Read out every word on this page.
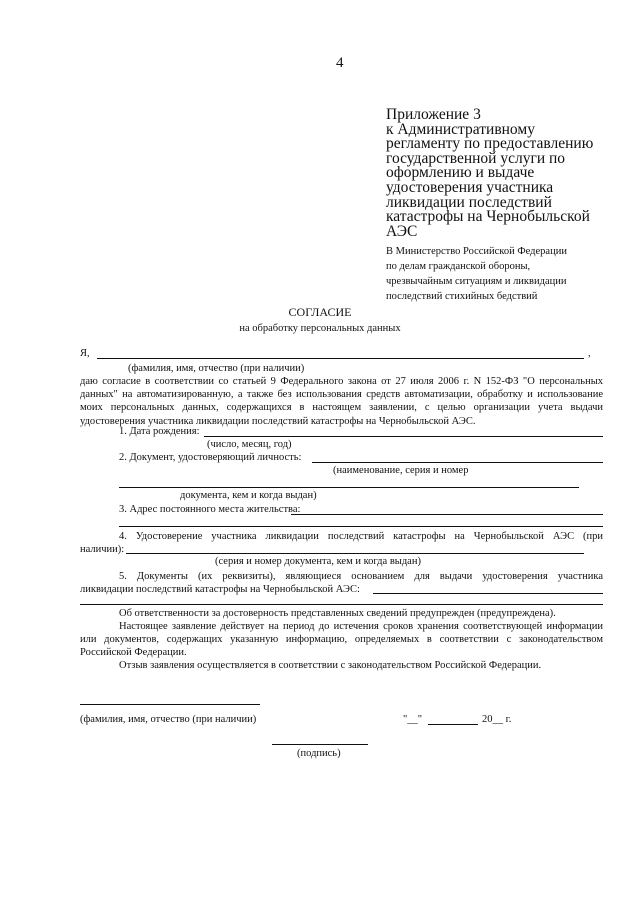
4
Приложение 3
к Административному
регламенту по предоставлению
государственной услуги по
оформлению и выдаче
удостоверения участника
ликвидации последствий
катастрофы на Чернобыльской
АЭС
В Министерство Российской Федерации
по делам гражданской обороны,
чрезвычайным ситуациям и ликвидации
последствий стихийных бедствий
СОГЛАСИЕ
на обработку персональных данных
Я,	,
(фамилия, имя, отчество (при наличии)
даю согласие в соответствии со статьей 9 Федерального закона от 27 июля 2006 г. N 152-ФЗ "О персональных данных" на автоматизированную, а также без использования средств автоматизации, обработку и использование моих персональных данных, содержащихся в настоящем заявлении, с целью организации учета выдачи удостоверения участника ликвидации последствий катастрофы на Чернобыльской АЭС.
1. Дата рождения:
(число, месяц, год)
2. Документ, удостоверяющий личность:
(наименование, серия и номер
документа, кем и когда выдан)
3. Адрес постоянного места жительства:
4. Удостоверение участника ликвидации последствий катастрофы на Чернобыльской АЭС (при
наличии):
(серия и номер документа, кем и когда выдан)
5. Документы (их реквизиты), являющиеся основанием для выдачи удостоверения участника
ликвидации последствий катастрофы на Чернобыльской АЭС:
Об ответственности за достоверность представленных сведений предупрежден (предупреждена).
Настоящее заявление действует на период до истечения сроков хранения соответствующей информации или документов, содержащих указанную информацию, определяемых в соответствии с законодательством Российской Федерации.
Отзыв заявления осуществляется в соответствии с законодательством Российской Федерации.
(фамилия, имя, отчество (при наличии)	"__"	20__ г.
(подпись)
